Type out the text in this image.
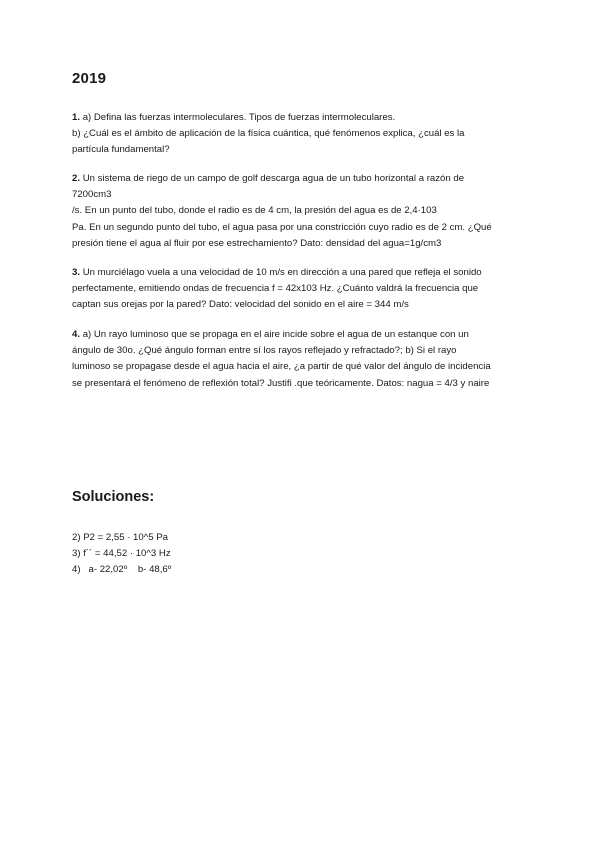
2019
1. a) Defina las fuerzas intermoleculares. Tipos de fuerzas intermoleculares.
b) ¿Cuál es el ámbito de aplicación de la física cuántica, qué fenómenos explica, ¿cuál es la
partícula fundamental?
2. Un sistema de riego de un campo de golf descarga agua de un tubo horizontal a razón de
7200cm3
/s. En un punto del tubo, donde el radio es de 4 cm, la presión del agua es de 2,4·103
Pa. En un segundo punto del tubo, el agua pasa por una constricción cuyo radio es de 2 cm. ¿Qué
presión tiene el agua al fluir por ese estrechamiento? Dato: densidad del agua=1g/cm3
3. Un murciélago vuela a una velocidad de 10 m/s en dirección a una pared que refleja el sonido
perfectamente, emitiendo ondas de frecuencia f = 42x103 Hz. ¿Cuánto valdrá la frecuencia que
captan sus orejas por la pared? Dato: velocidad del sonido en el aire = 344 m/s
4. a) Un rayo luminoso que se propaga en el aire incide sobre el agua de un estanque con un
ángulo de 30o. ¿Qué ángulo forman entre sí los rayos reflejado y refractado?; b) Si el rayo
luminoso se propagase desde el agua hacia el aire, ¿a partir de qué valor del ángulo de incidencia
se presentará el fenómeno de reflexión total? Justifi .que teóricamente. Datos: nagua = 4/3 y naire
Soluciones:
2) P2 = 2,55 · 10^5 Pa
3) f´´ = 44,52 · 10^3 Hz
4)   a- 22,02º    b- 48,6º
